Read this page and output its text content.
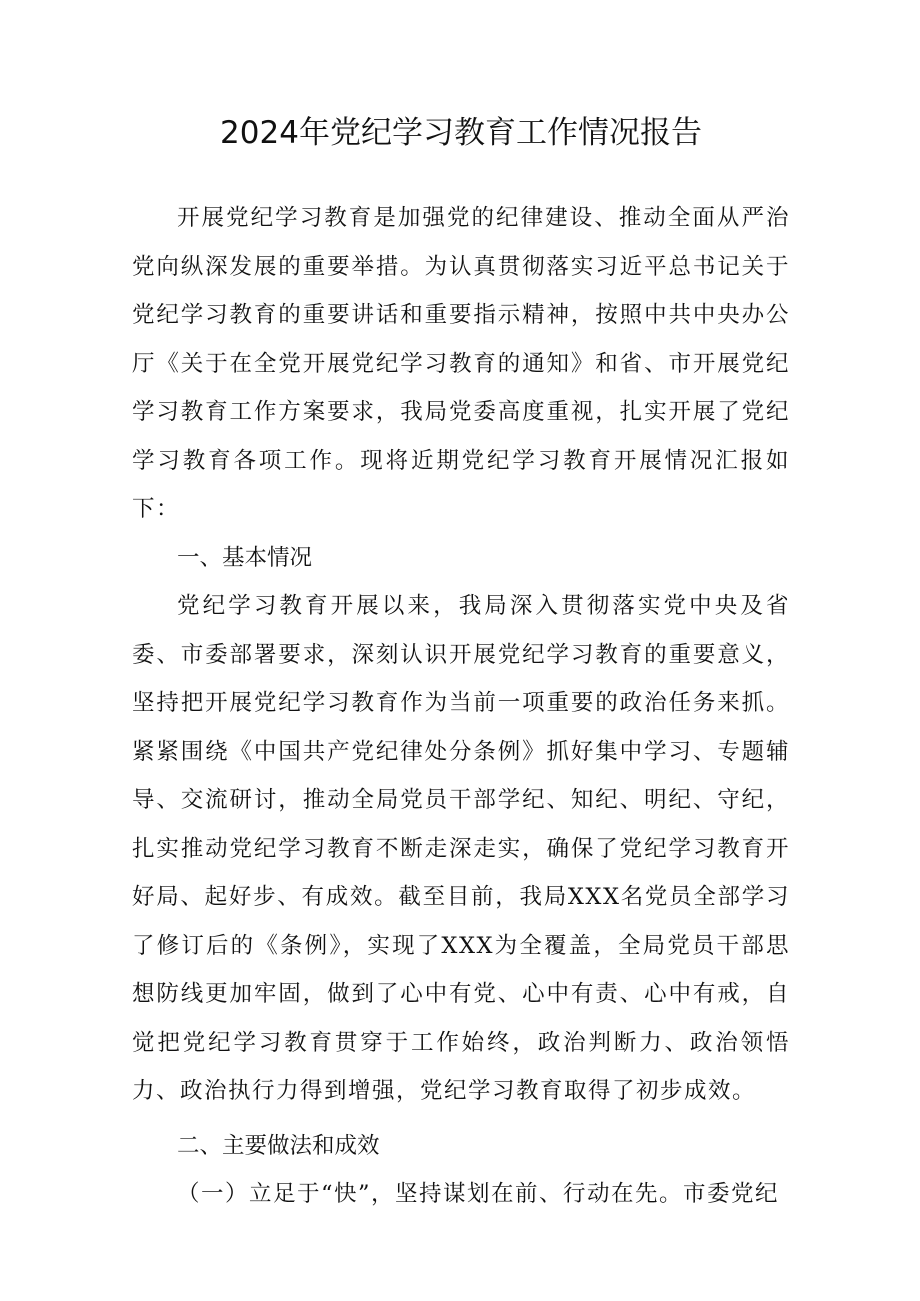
2024年党纪学习教育工作情况报告

开展党纪学习教育是加强党的纪律建设、推动全面从严治党向纵深发展的重要举措。为认真贯彻落实习近平总书记关于党纪学习教育的重要讲话和重要指示精神，按照中共中央办公厅《关于在全党开展党纪学习教育的通知》和省、市开展党纪学习教育工作方案要求，我局党委高度重视，扎实开展了党纪学习教育各项工作。现将近期党纪学习教育开展情况汇报如下：

一、基本情况

党纪学习教育开展以来，我局深入贯彻落实党中央及省委、市委部署要求，深刻认识开展党纪学习教育的重要意义，坚持把开展党纪学习教育作为当前一项重要的政治任务来抓。紧紧围绕《中国共产党纪律处分条例》抓好集中学习、专题辅导、交流研讨，推动全局党员干部学纪、知纪、明纪、守纪，扎实推动党纪学习教育不断走深走实，确保了党纪学习教育开好局、起好步、有成效。截至目前，我局XXX名党员全部学习了修订后的《条例》，实现了XXX为全覆盖，全局党员干部思想防线更加牢固，做到了心中有党、心中有责、心中有戒，自觉把党纪学习教育贯穿于工作始终，政治判断力、政治领悟力、政治执行力得到增强，党纪学习教育取得了初步成效。

二、主要做法和成效

（一）立足于“快”，坚持谋划在前、行动在先。市委党纪
